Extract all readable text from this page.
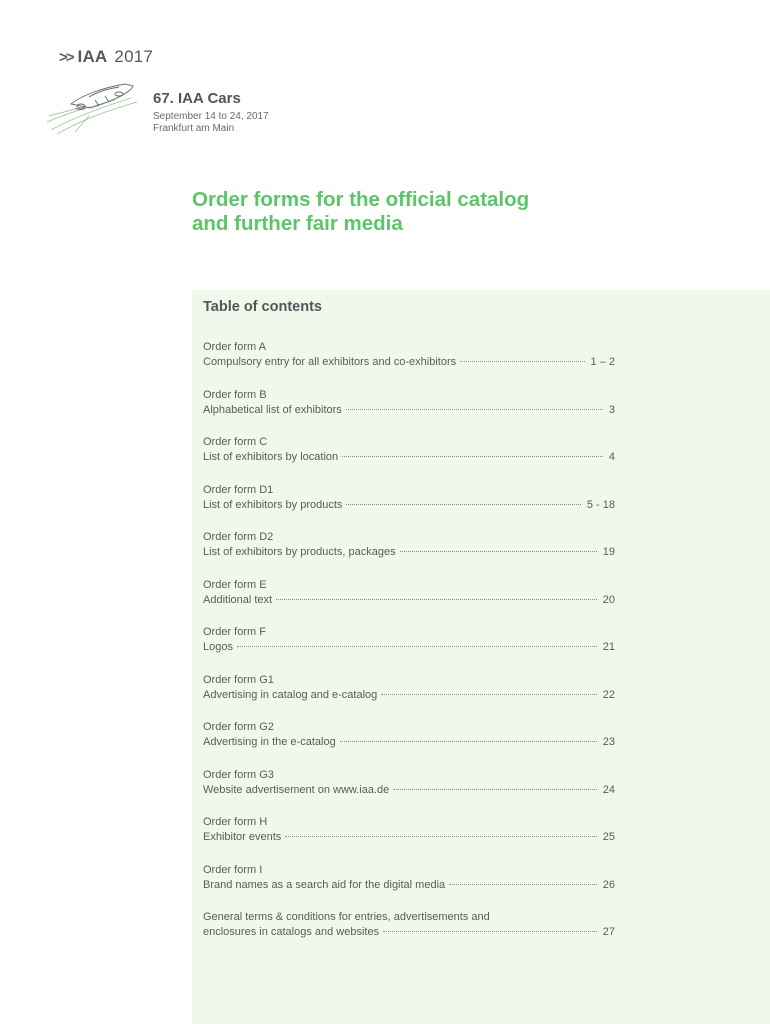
>> IAA 2017
67. IAA Cars
September 14 to 24, 2017
Frankfurt am Main
Order forms for the official catalog
and further fair media
Table of contents
Order form A
Compulsory entry for all exhibitors and co-exhibitors	1 – 2
Order form B
Alphabetical list of exhibitors	3
Order form C
List of exhibitors by location	4
Order form D1
List of exhibitors by products	5 - 18
Order form D2
List of exhibitors by products, packages	19
Order form E
Additional text	20
Order form F
Logos	21
Order form G1
Advertising in catalog and e-catalog	22
Order form G2
Advertising in the e-catalog	23
Order form G3
Website advertisement on www.iaa.de	24
Order form H
Exhibitor events	25
Order form I
Brand names as a search aid for the digital media	26
General terms & conditions for entries, advertisements and
enclosures in catalogs and websites	27
